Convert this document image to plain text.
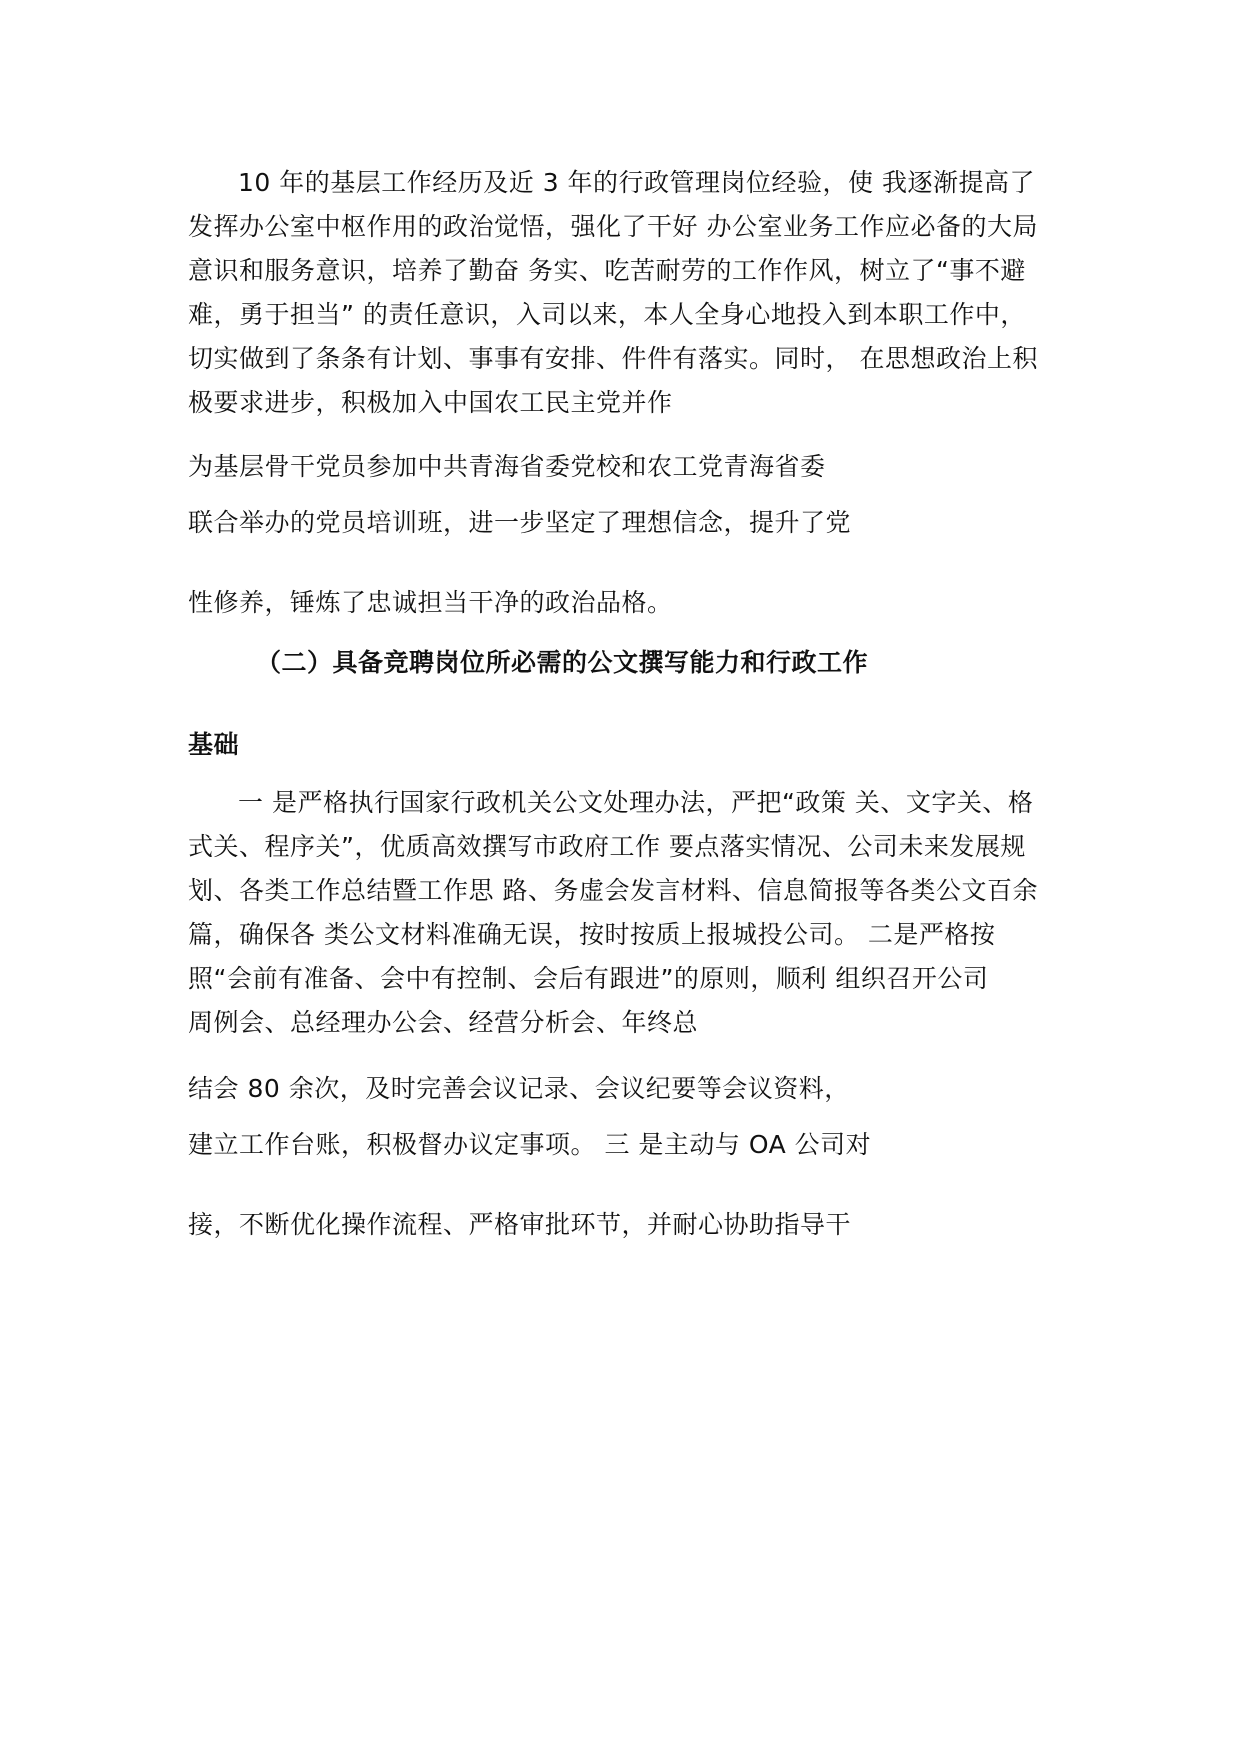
10 年的基层工作经历及近 3 年的行政管理岗位经验，使 我逐渐提高了
发挥办公室中枢作用的政治觉悟，强化了干好 办公室业务工作应必备的大局
意识和服务意识，培养了勤奋 务实、吃苦耐劳的工作作风，树立了“事不避
难，勇于担当” 的责任意识，入司以来，本人全身心地投入到本职工作中，
切实做到了条条有计划、事事有安排、件件有落实。同时， 在思想政治上积
极要求进步，积极加入中国农工民主党并作
为基层骨干党员参加中共青海省委党校和农工党青海省委
联合举办的党员培训班，进一步坚定了理想信念，提升了党
性修养，锤炼了忠诚担当干净的政治品格。
（二）具备竞聘岗位所必需的公文撰写能力和行政工作
基础
一 是严格执行国家行政机关公文处理办法，严把“政策 关、文字关、格
式关、程序关”，优质高效撰写市政府工作 要点落实情况、公司未来发展规
划、各类工作总结暨工作思 路、务虚会发言材料、信息简报等各类公文百余
篇，确保各 类公文材料准确无误，按时按质上报城投公司。 二是严格按
照“会前有准备、会中有控制、会后有跟进”的原则，顺利 组织召开公司
周例会、总经理办公会、经营分析会、年终总
结会 80 余次，及时完善会议记录、会议纪要等会议资料，
建立工作台账，积极督办议定事项。 三 是主动与 OA 公司对
接，不断优化操作流程、严格审批环节，并耐心协助指导干
